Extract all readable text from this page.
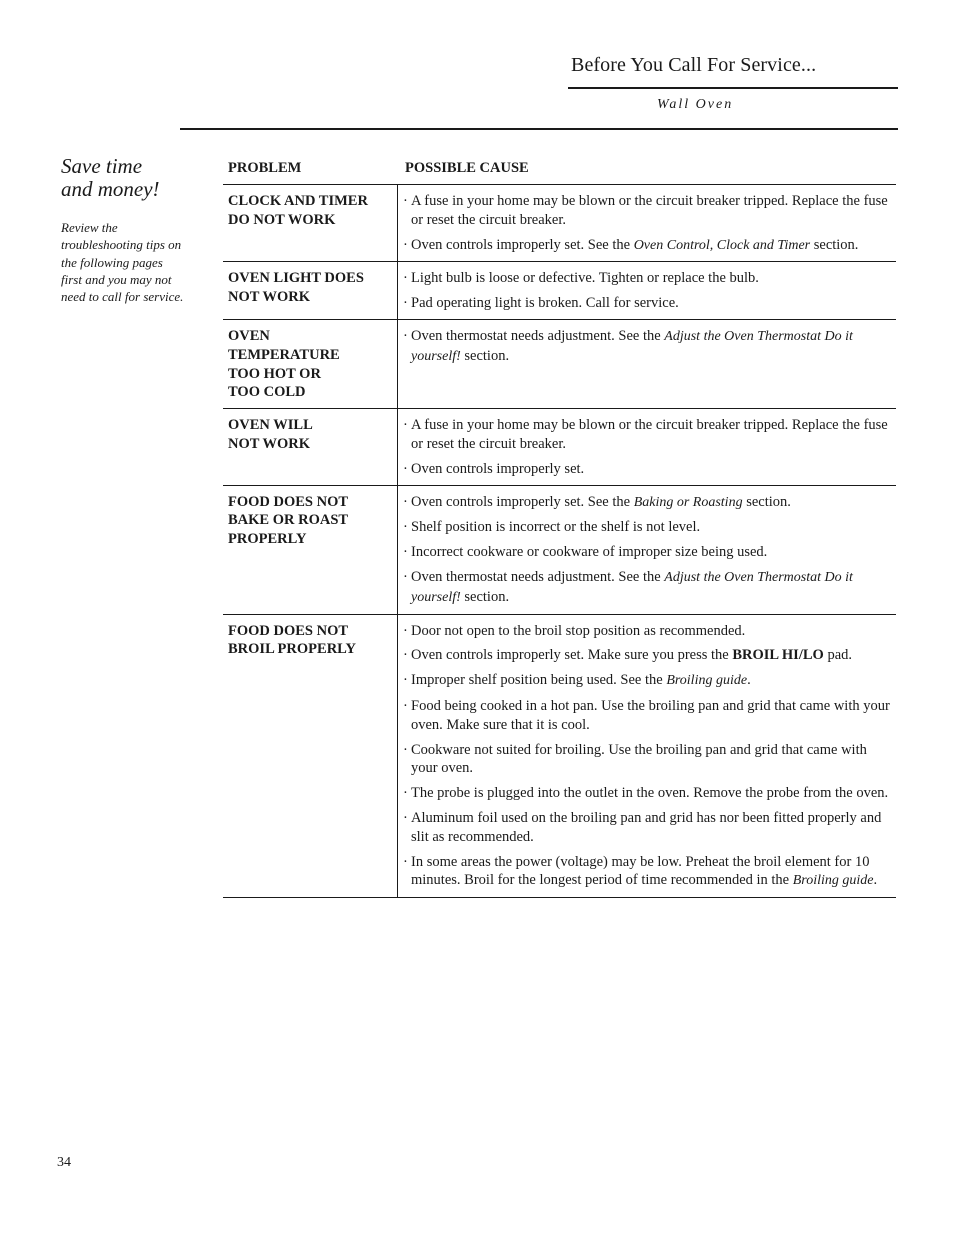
Before You Call For Service...
Wall Oven
Save time
and money!
Review the troubleshooting tips on the following pages first and you may not need to call for service.
PROBLEM	POSSIBLE CAUSE
CLOCK AND TIMER
DO NOT WORK
· A fuse in your home may be blown or the circuit breaker tripped. Replace the fuse or reset the circuit breaker.
· Oven controls improperly set. See the Oven Control, Clock and Timer section.
OVEN LIGHT DOES
NOT WORK
· Light bulb is loose or defective. Tighten or replace the bulb.
· Pad operating light is broken. Call for service.
OVEN
TEMPERATURE
TOO HOT OR
TOO COLD
· Oven thermostat needs adjustment. See the Adjust the Oven Thermostat Do it yourself! section.
OVEN WILL
NOT WORK
· A fuse in your home may be blown or the circuit breaker tripped. Replace the fuse or reset the circuit breaker.
· Oven controls improperly set.
FOOD DOES NOT
BAKE OR ROAST
PROPERLY
· Oven controls improperly set. See the Baking or Roasting section.
· Shelf position is incorrect or the shelf is not level.
· Incorrect cookware or cookware of improper size being used.
· Oven thermostat needs adjustment. See the Adjust the Oven Thermostat Do it yourself! section.
FOOD DOES NOT
BROIL PROPERLY
· Door not open to the broil stop position as recommended.
· Oven controls improperly set. Make sure you press the BROIL HI/LO pad.
· Improper shelf position being used. See the Broiling guide.
· Food being cooked in a hot pan. Use the broiling pan and grid that came with your oven. Make sure that it is cool.
· Cookware not suited for broiling. Use the broiling pan and grid that came with your oven.
· The probe is plugged into the outlet in the oven. Remove the probe from the oven.
· Aluminum foil used on the broiling pan and grid has nor been fitted properly and slit as recommended.
· In some areas the power (voltage) may be low. Preheat the broil element for 10 minutes. Broil for the longest period of time recommended in the Broiling guide.
34
